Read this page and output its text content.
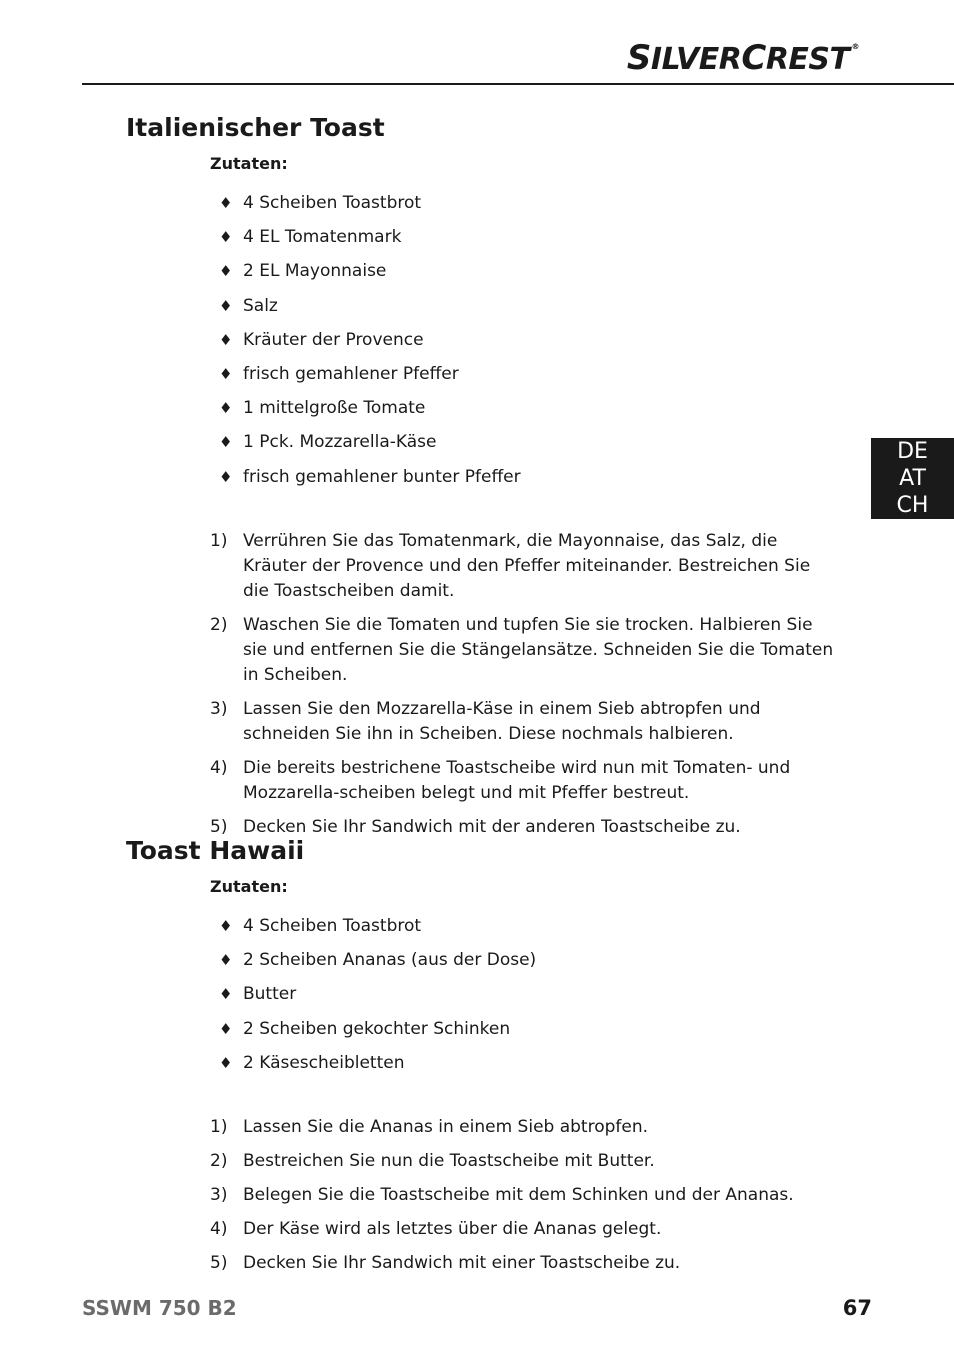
SILVERCREST ®
DE
AT
CH
Italienischer Toast

Zutaten:

♦ 4 Scheiben Toastbrot
♦ 4 EL Tomatenmark
♦ 2 EL Mayonnaise
♦ Salz
♦ Kräuter der Provence
♦ frisch gemahlener Pfeffer
♦ 1 mittelgroße Tomate
♦ 1 Pck. Mozzarella-Käse
♦ frisch gemahlener bunter Pfeffer
1) Verrühren Sie das Tomatenmark, die Mayonnaise, das Salz, die Kräuter der Provence und den Pfeffer miteinander. Bestreichen Sie die Toastscheiben damit.
2) Waschen Sie die Tomaten und tupfen Sie sie trocken. Halbieren Sie sie und entfernen Sie die Stängelansätze. Schneiden Sie die Tomaten in Scheiben.
3) Lassen Sie den Mozzarella-Käse in einem Sieb abtropfen und schneiden Sie ihn in Scheiben. Diese nochmals halbieren.
4) Die bereits bestrichene Toastscheibe wird nun mit Tomaten- und Mozzarella-scheiben belegt und mit Pfeffer bestreut.
5) Decken Sie Ihr Sandwich mit der anderen Toastscheibe zu.
Toast Hawaii

Zutaten:

♦ 4 Scheiben Toastbrot
♦ 2 Scheiben Ananas (aus der Dose)
♦ Butter
♦ 2 Scheiben gekochter Schinken
♦ 2 Käsescheibletten
1) Lassen Sie die Ananas in einem Sieb abtropfen.
2) Bestreichen Sie nun die Toastscheibe mit Butter.
3) Belegen Sie die Toastscheibe mit dem Schinken und der Ananas.
4) Der Käse wird als letztes über die Ananas gelegt.
5) Decken Sie Ihr Sandwich mit einer Toastscheibe zu.
SSWM 750 B2	67
